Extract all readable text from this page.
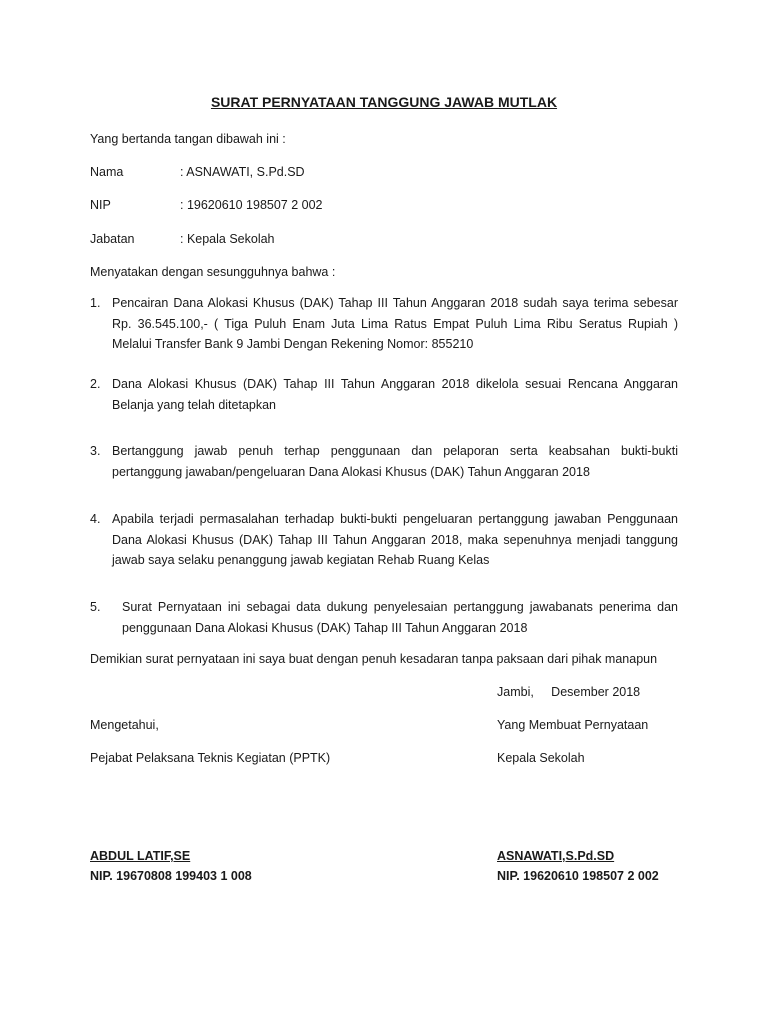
SURAT PERNYATAAN TANGGUNG JAWAB MUTLAK
Yang bertanda tangan dibawah ini :
Nama	: ASNAWATI, S.Pd.SD
NIP	: 19620610 198507 2 002
Jabatan	: Kepala Sekolah
Menyatakan dengan sesungguhnya bahwa :
1. Pencairan Dana Alokasi Khusus (DAK) Tahap III Tahun Anggaran 2018 sudah saya terima sebesar Rp. 36.545.100,- ( Tiga Puluh Enam Juta Lima Ratus Empat Puluh Lima Ribu Seratus Rupiah ) Melalui Transfer Bank 9 Jambi Dengan Rekening Nomor: 855210
2. Dana Alokasi Khusus (DAK) Tahap III Tahun Anggaran 2018 dikelola sesuai Rencana Anggaran Belanja yang telah ditetapkan
3. Bertanggung jawab penuh terhap penggunaan dan pelaporan serta keabsahan bukti-bukti pertanggung jawaban/pengeluaran Dana Alokasi Khusus (DAK) Tahun Anggaran 2018
4. Apabila terjadi permasalahan terhadap bukti-bukti pengeluaran pertanggung jawaban Penggunaan Dana Alokasi Khusus (DAK) Tahap III Tahun Anggaran 2018, maka sepenuhnya menjadi tanggung jawab saya selaku penanggung jawab kegiatan Rehab Ruang Kelas
5. Surat Pernyataan ini sebagai data dukung penyelesaian pertanggung jawabanats penerima dan penggunaan Dana Alokasi Khusus (DAK) Tahap III Tahun Anggaran 2018
Demikian surat pernyataan ini saya buat dengan penuh kesadaran tanpa paksaan dari pihak manapun
Jambi,     Desember 2018
Mengetahui,	Yang Membuat Pernyataan
Pejabat Pelaksana Teknis Kegiatan (PPTK)	Kepala Sekolah
ABDUL LATIF,SE	ASNAWATI,S.Pd.SD
NIP. 19670808 199403 1 008	NIP. 19620610 198507 2 002
